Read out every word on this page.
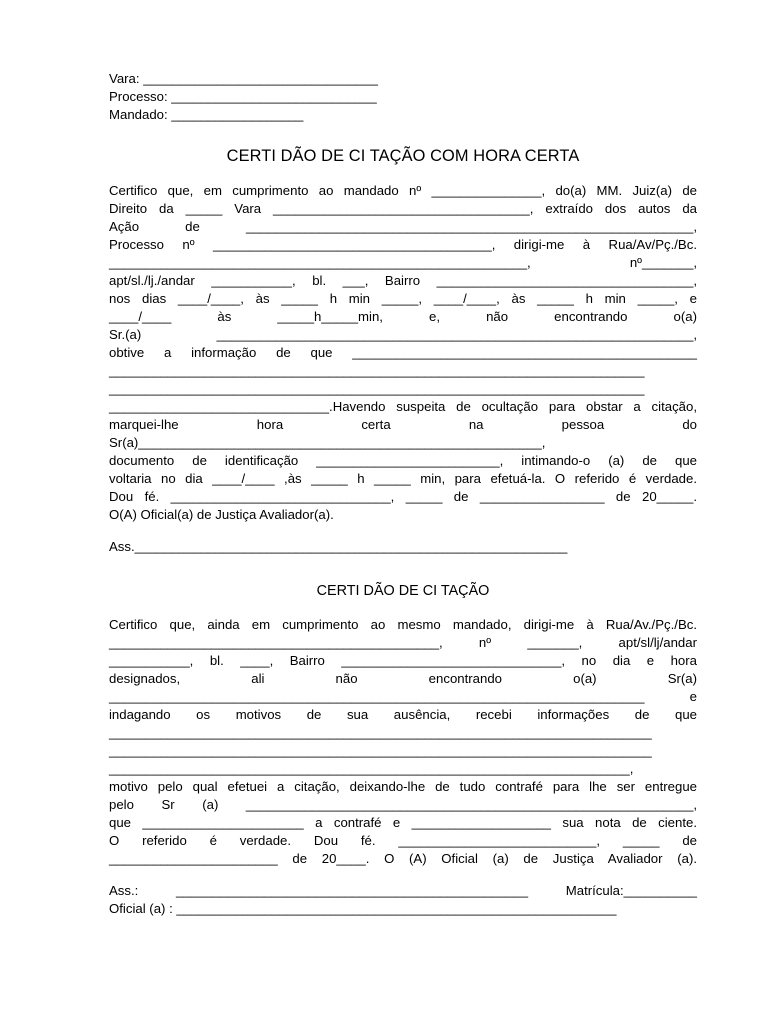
Vara: ________________________________
Processo: ____________________________
Mandado: __________________
CERTI DÃO DE CI TAÇÃO COM HORA CERTA
Certifico que, em cumprimento ao mandado nº _______________, do(a) MM. Juiz(a) de
Direito da _____ Vara ___________________________________, extraído dos autos da
Ação de _____________________________________________________________,
Processo nº ______________________________________, dirigi-me à Rua/Av/Pç./Bc.
_________________________________________________________, nº_______,
apt/sl./lj./andar ___________, bl. ___, Bairro ___________________________________,
nos dias ____/____, às _____ h min _____, ____/____, às _____ h min _____, e
____/____ às _____h_____min, e, não encontrando o(a)
Sr.(a) _________________________________________________________________,
obtive a informação de que _______________________________________________
_________________________________________________________________________
_________________________________________________________________________
______________________________.Havendo suspeita de ocultação para obstar a citação,
marquei-lhe hora certa na pessoa do
Sr(a)_______________________________________________________,
documento de identificação _________________________, intimando-o (a) de que
voltaria no dia ____/____ ,às _____ h _____ min, para efetuá-la. O referido é verdade.
Dou fé. ______________________________, _____ de _________________ de 20_____.
O(A) Oficial(a) de Justiça Avaliador(a).
Ass.___________________________________________________________
CERTI DÃO DE CI TAÇÃO
Certifico que, ainda em cumprimento ao mesmo mandado, dirigi-me à Rua/Av./Pç./Bc.
_____________________________________________, nº _______, apt/sl/lj/andar
___________, bl. ____, Bairro ______________________________, no dia e hora
designados, ali não encontrando o(a) Sr(a)
_________________________________________________________________________ e
indagando os motivos de sua ausência, recebi informações de que
__________________________________________________________________________
__________________________________________________________________________
_______________________________________________________________________,
motivo pelo qual efetuei a citação, deixando-lhe de tudo contrafé para lhe ser entregue
pelo Sr (a) _____________________________________________________________,
que ______________________ a contrafé e ___________________ sua nota de ciente.
O referido é verdade. Dou fé. ___________________________, _____ de
_______________________ de 20____. O (A) Oficial (a) de Justiça Avaliador (a).
Ass.: ________________________________________________ Matrícula:__________
Oficial (a) : ____________________________________________________________
